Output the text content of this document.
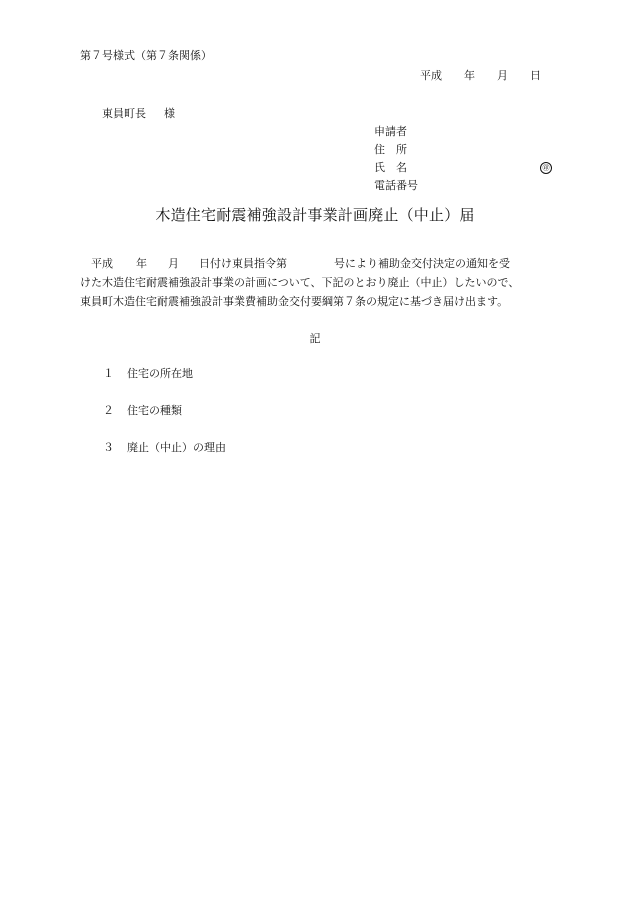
第７号様式（第７条関係）
平成 年 月 日
東員町長 様
申請者
住　所
氏　名	㊞
電話番号
木造住宅耐震補強設計事業計画廃止（中止）届
平成 年 月 日付け東員指令第	号により補助金交付決定の通知を受
けた木造住宅耐震補強設計事業の計画について、下記のとおり廃止（中止）したいので、
東員町木造住宅耐震補強設計事業費補助金交付要綱第７条の規定に基づき届け出ます。
記
１ 住宅の所在地
２ 住宅の種類
３ 廃止（中止）の理由
